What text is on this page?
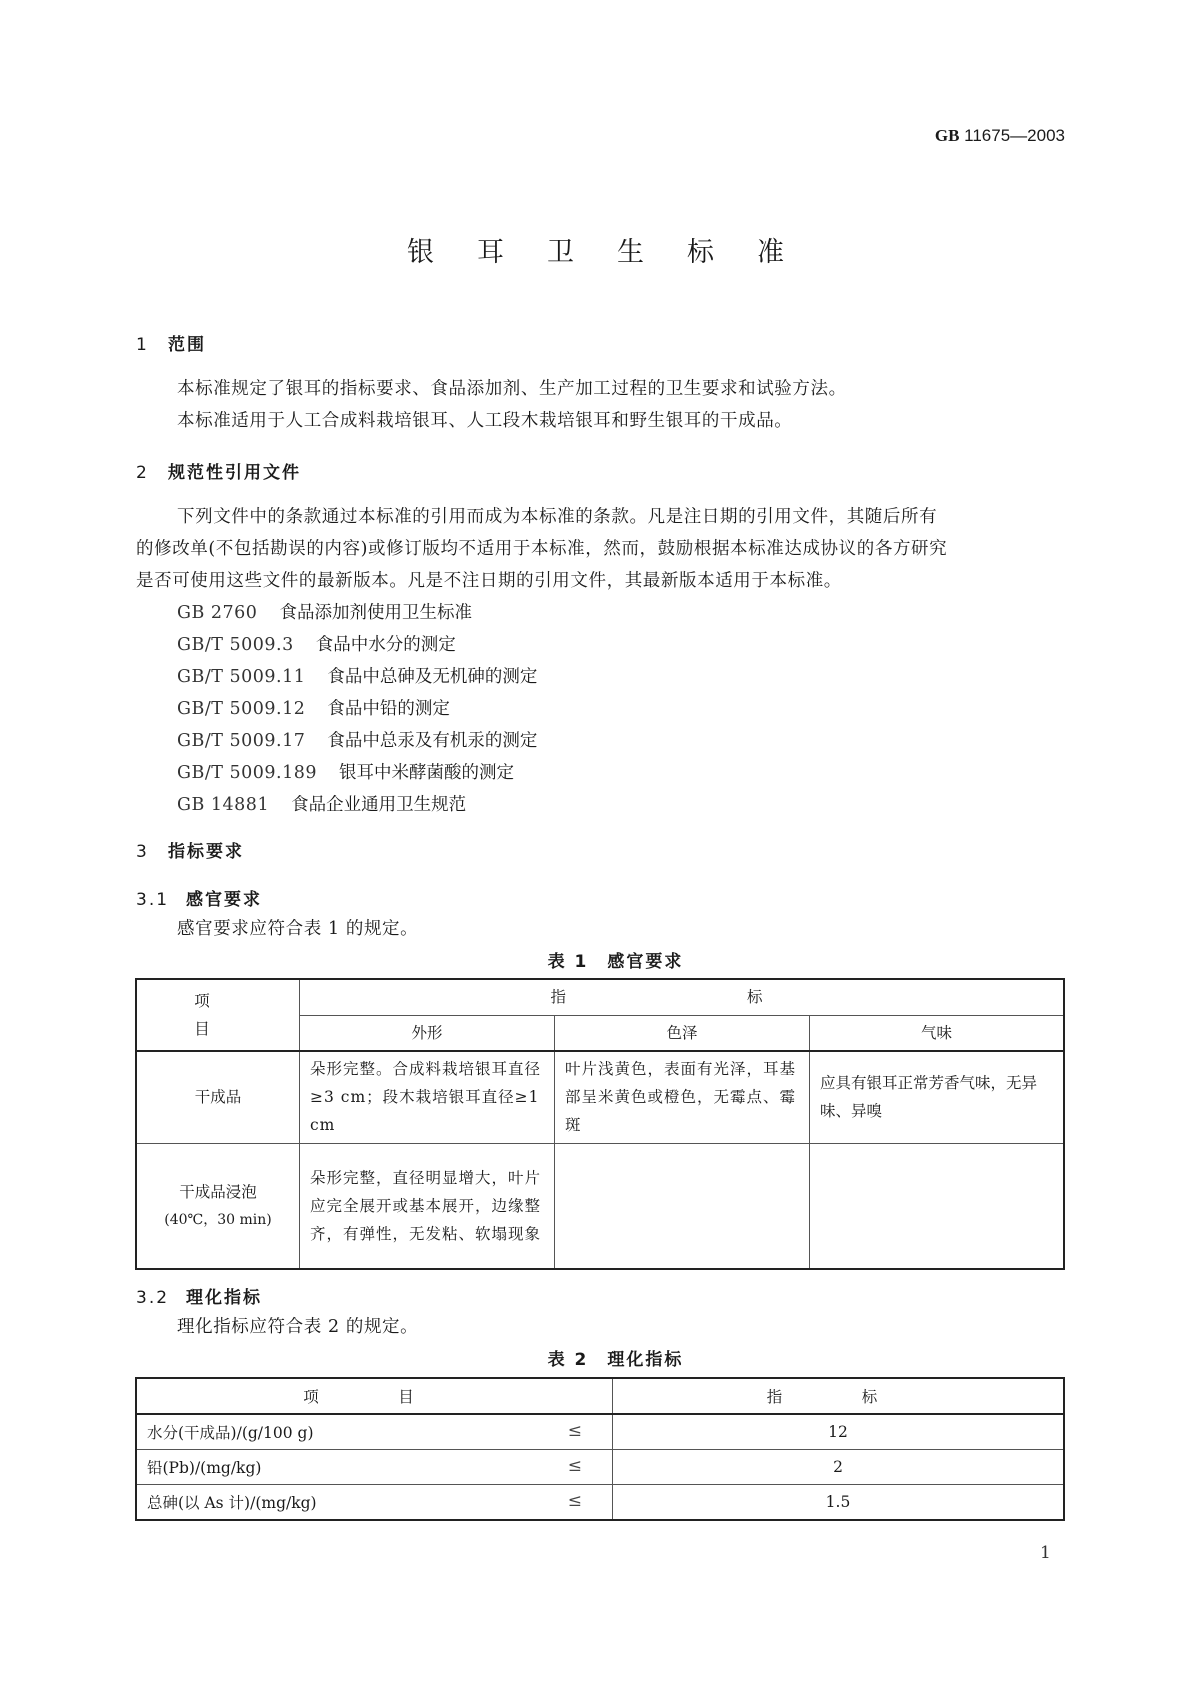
GB 11675—2003
银耳卫生标准
1 范围
本标准规定了银耳的指标要求、食品添加剂、生产加工过程的卫生要求和试验方法。
本标准适用于人工合成料栽培银耳、人工段木栽培银耳和野生银耳的干成品。
2 规范性引用文件
下列文件中的条款通过本标准的引用而成为本标准的条款。凡是注日期的引用文件，其随后所有
的修改单(不包括勘误的内容)或修订版均不适用于本标准，然而，鼓励根据本标准达成协议的各方研究
是否可使用这些文件的最新版本。凡是不注日期的引用文件，其最新版本适用于本标准。
GB 2760 食品添加剂使用卫生标准
GB/T 5009.3 食品中水分的测定
GB/T 5009.11 食品中总砷及无机砷的测定
GB/T 5009.12 食品中铅的测定
GB/T 5009.17 食品中总汞及有机汞的测定
GB/T 5009.189 银耳中米酵菌酸的测定
GB 14881 食品企业通用卫生规范
3 指标要求
3.1 感官要求
感官要求应符合表 1 的规定。
表 1　感官要求
项　目	指　　标		
	外形	色泽	气味
干成品	朵形完整。合成料栽培银耳直径≥3 cm；段木栽培银耳直径≥1 cm	叶片浅黄色，表面有光泽，耳基部呈米黄色或橙色，无霉点、霉斑	应具有银耳正常芳香气味，无异味、异嗅

干成品浸泡
(40℃，30 min)	朵形完整，直径明显增大，叶片应完全展开或基本展开，边缘整齐，有弹性，无发粘、软塌现象		
3.2 理化指标
理化指标应符合表 2 的规定。
表 2　理化指标
项　目	指　标
水分(干成品)/(g/100 g) ≤	12
铅(Pb)/(mg/kg) ≤	2
总砷(以 As 计)/(mg/kg) ≤	1.5
1
